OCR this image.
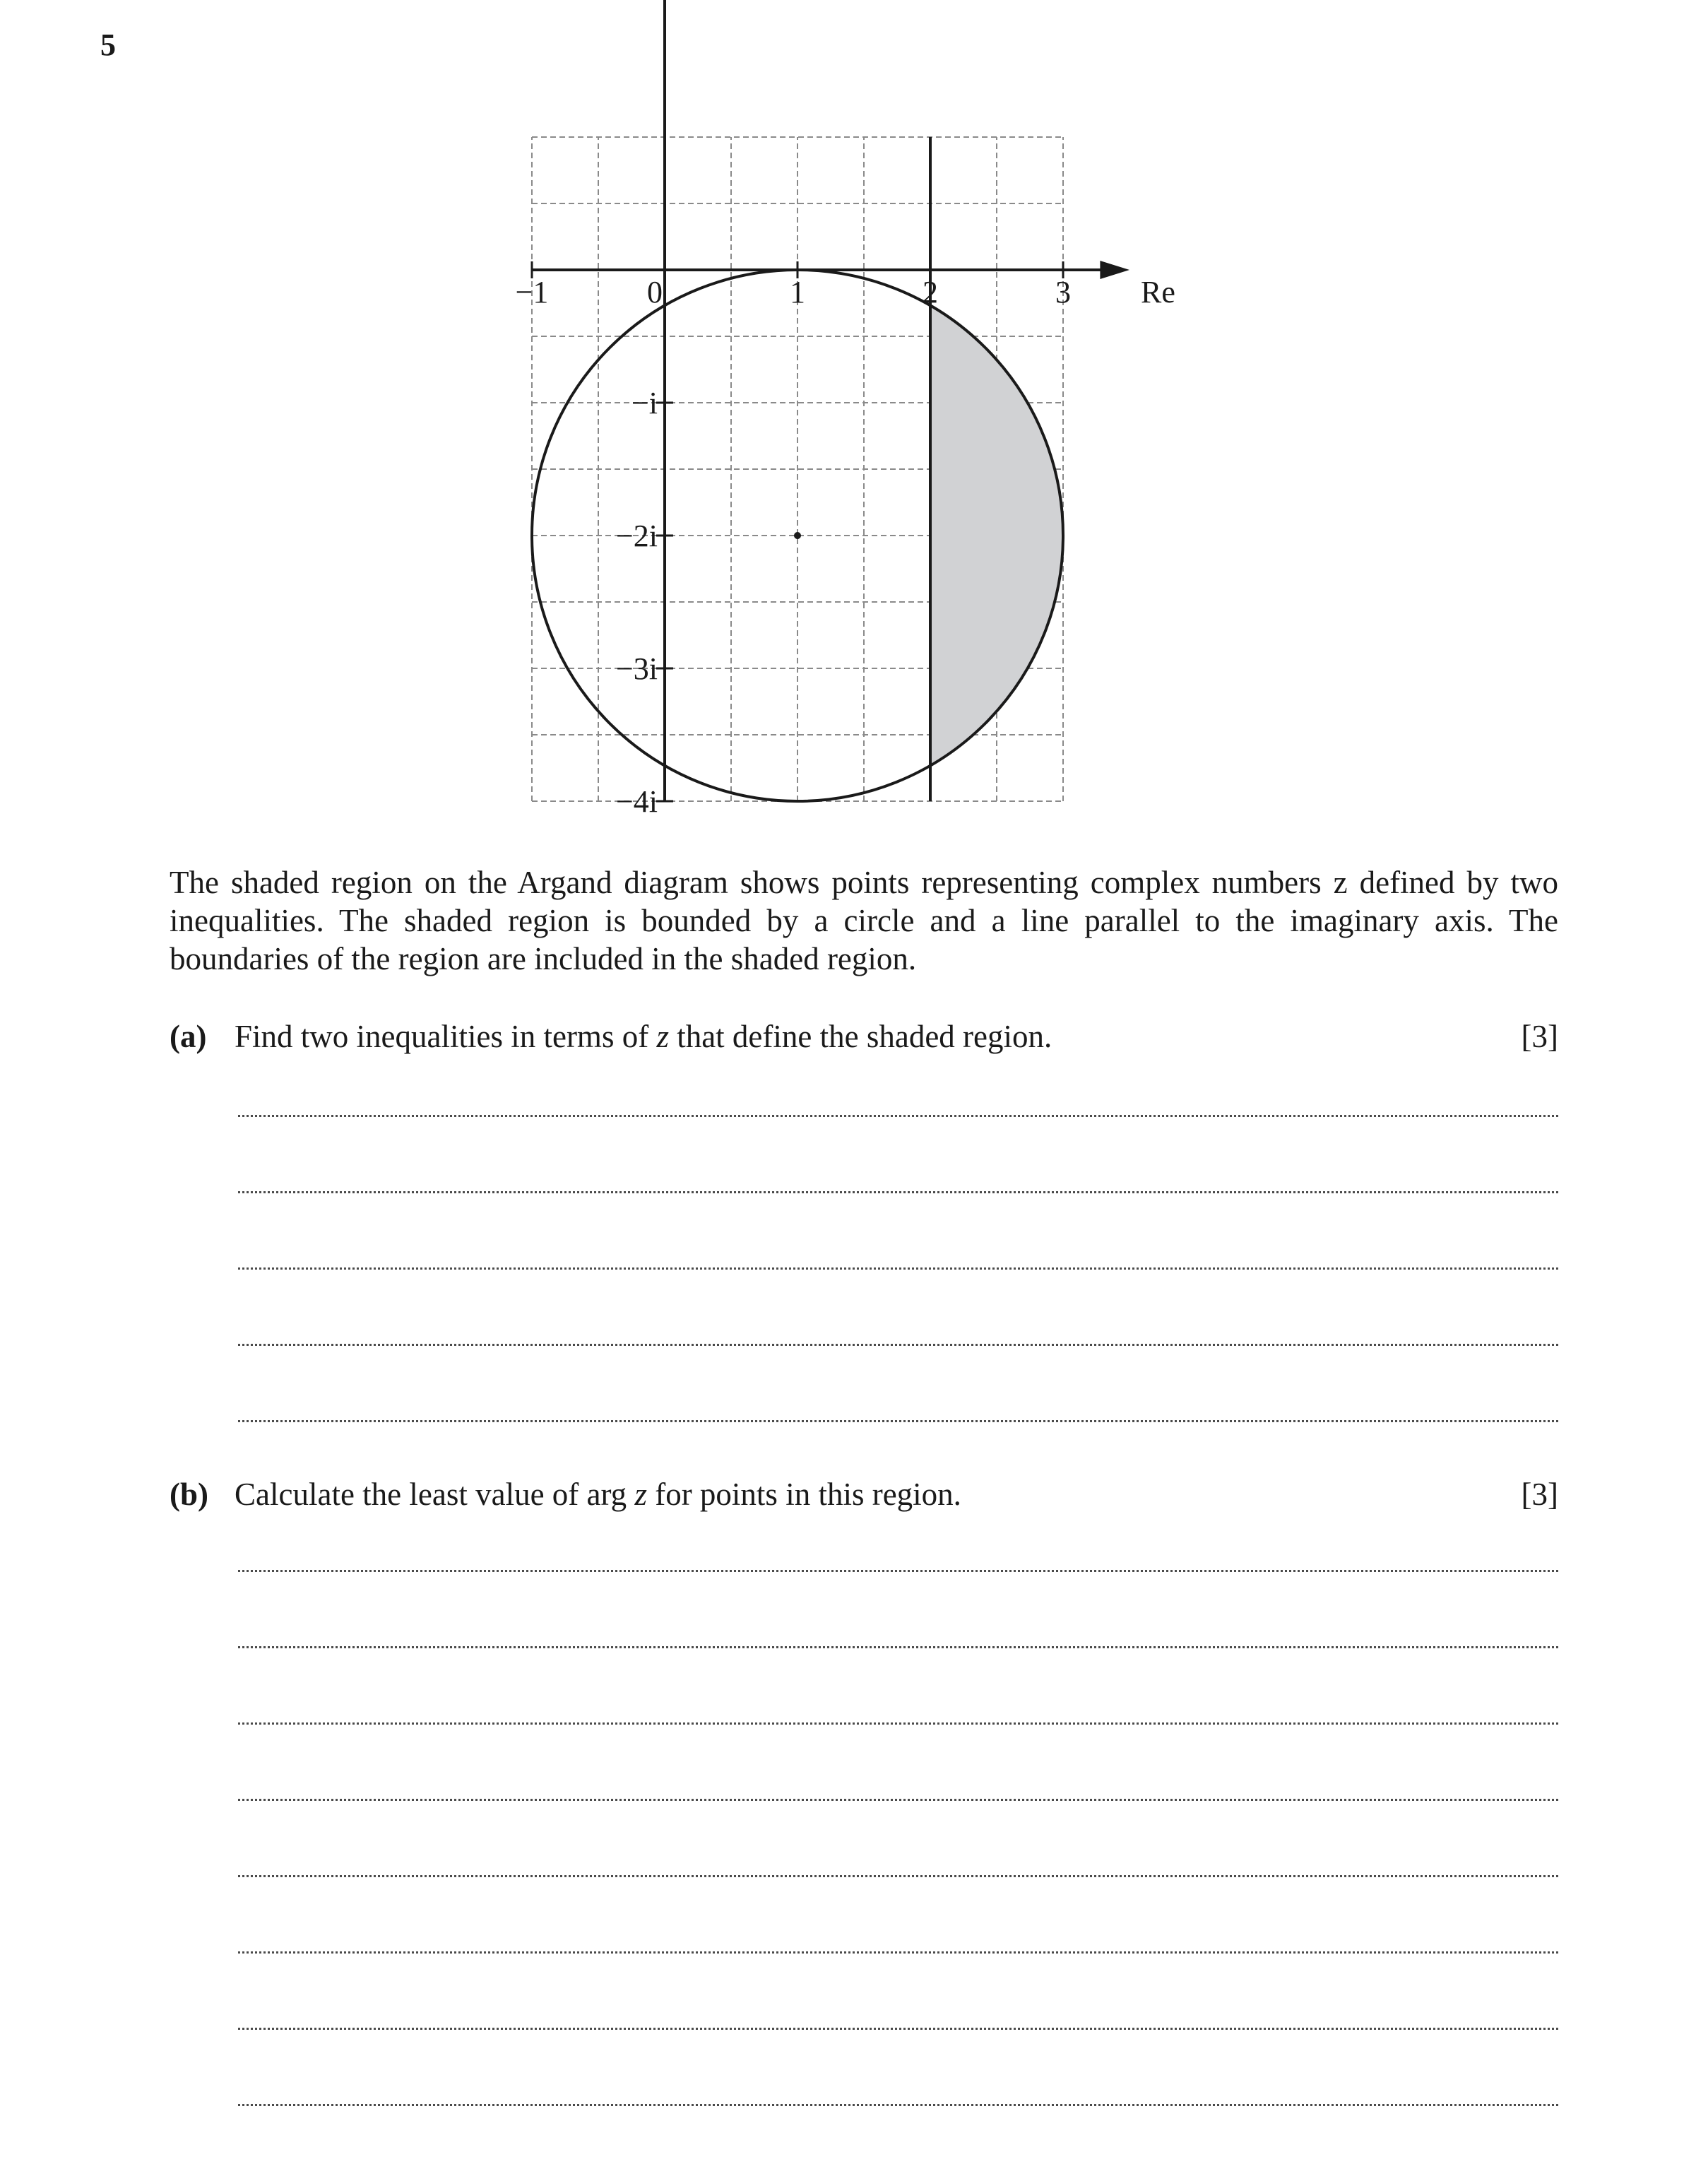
5
−1	0	1	2	3
−i
−2i
−3i
−4i
Re
The shaded region on the Argand diagram shows points representing complex numbers z defined by two inequalities. The shaded region is bounded by a circle and a line parallel to the imaginary axis. The boundaries of the region are included in the shaded region.
(a) Find two inequalities in terms of z that define the shaded region.	[3]
(b) Calculate the least value of arg z for points in this region.	[3]
